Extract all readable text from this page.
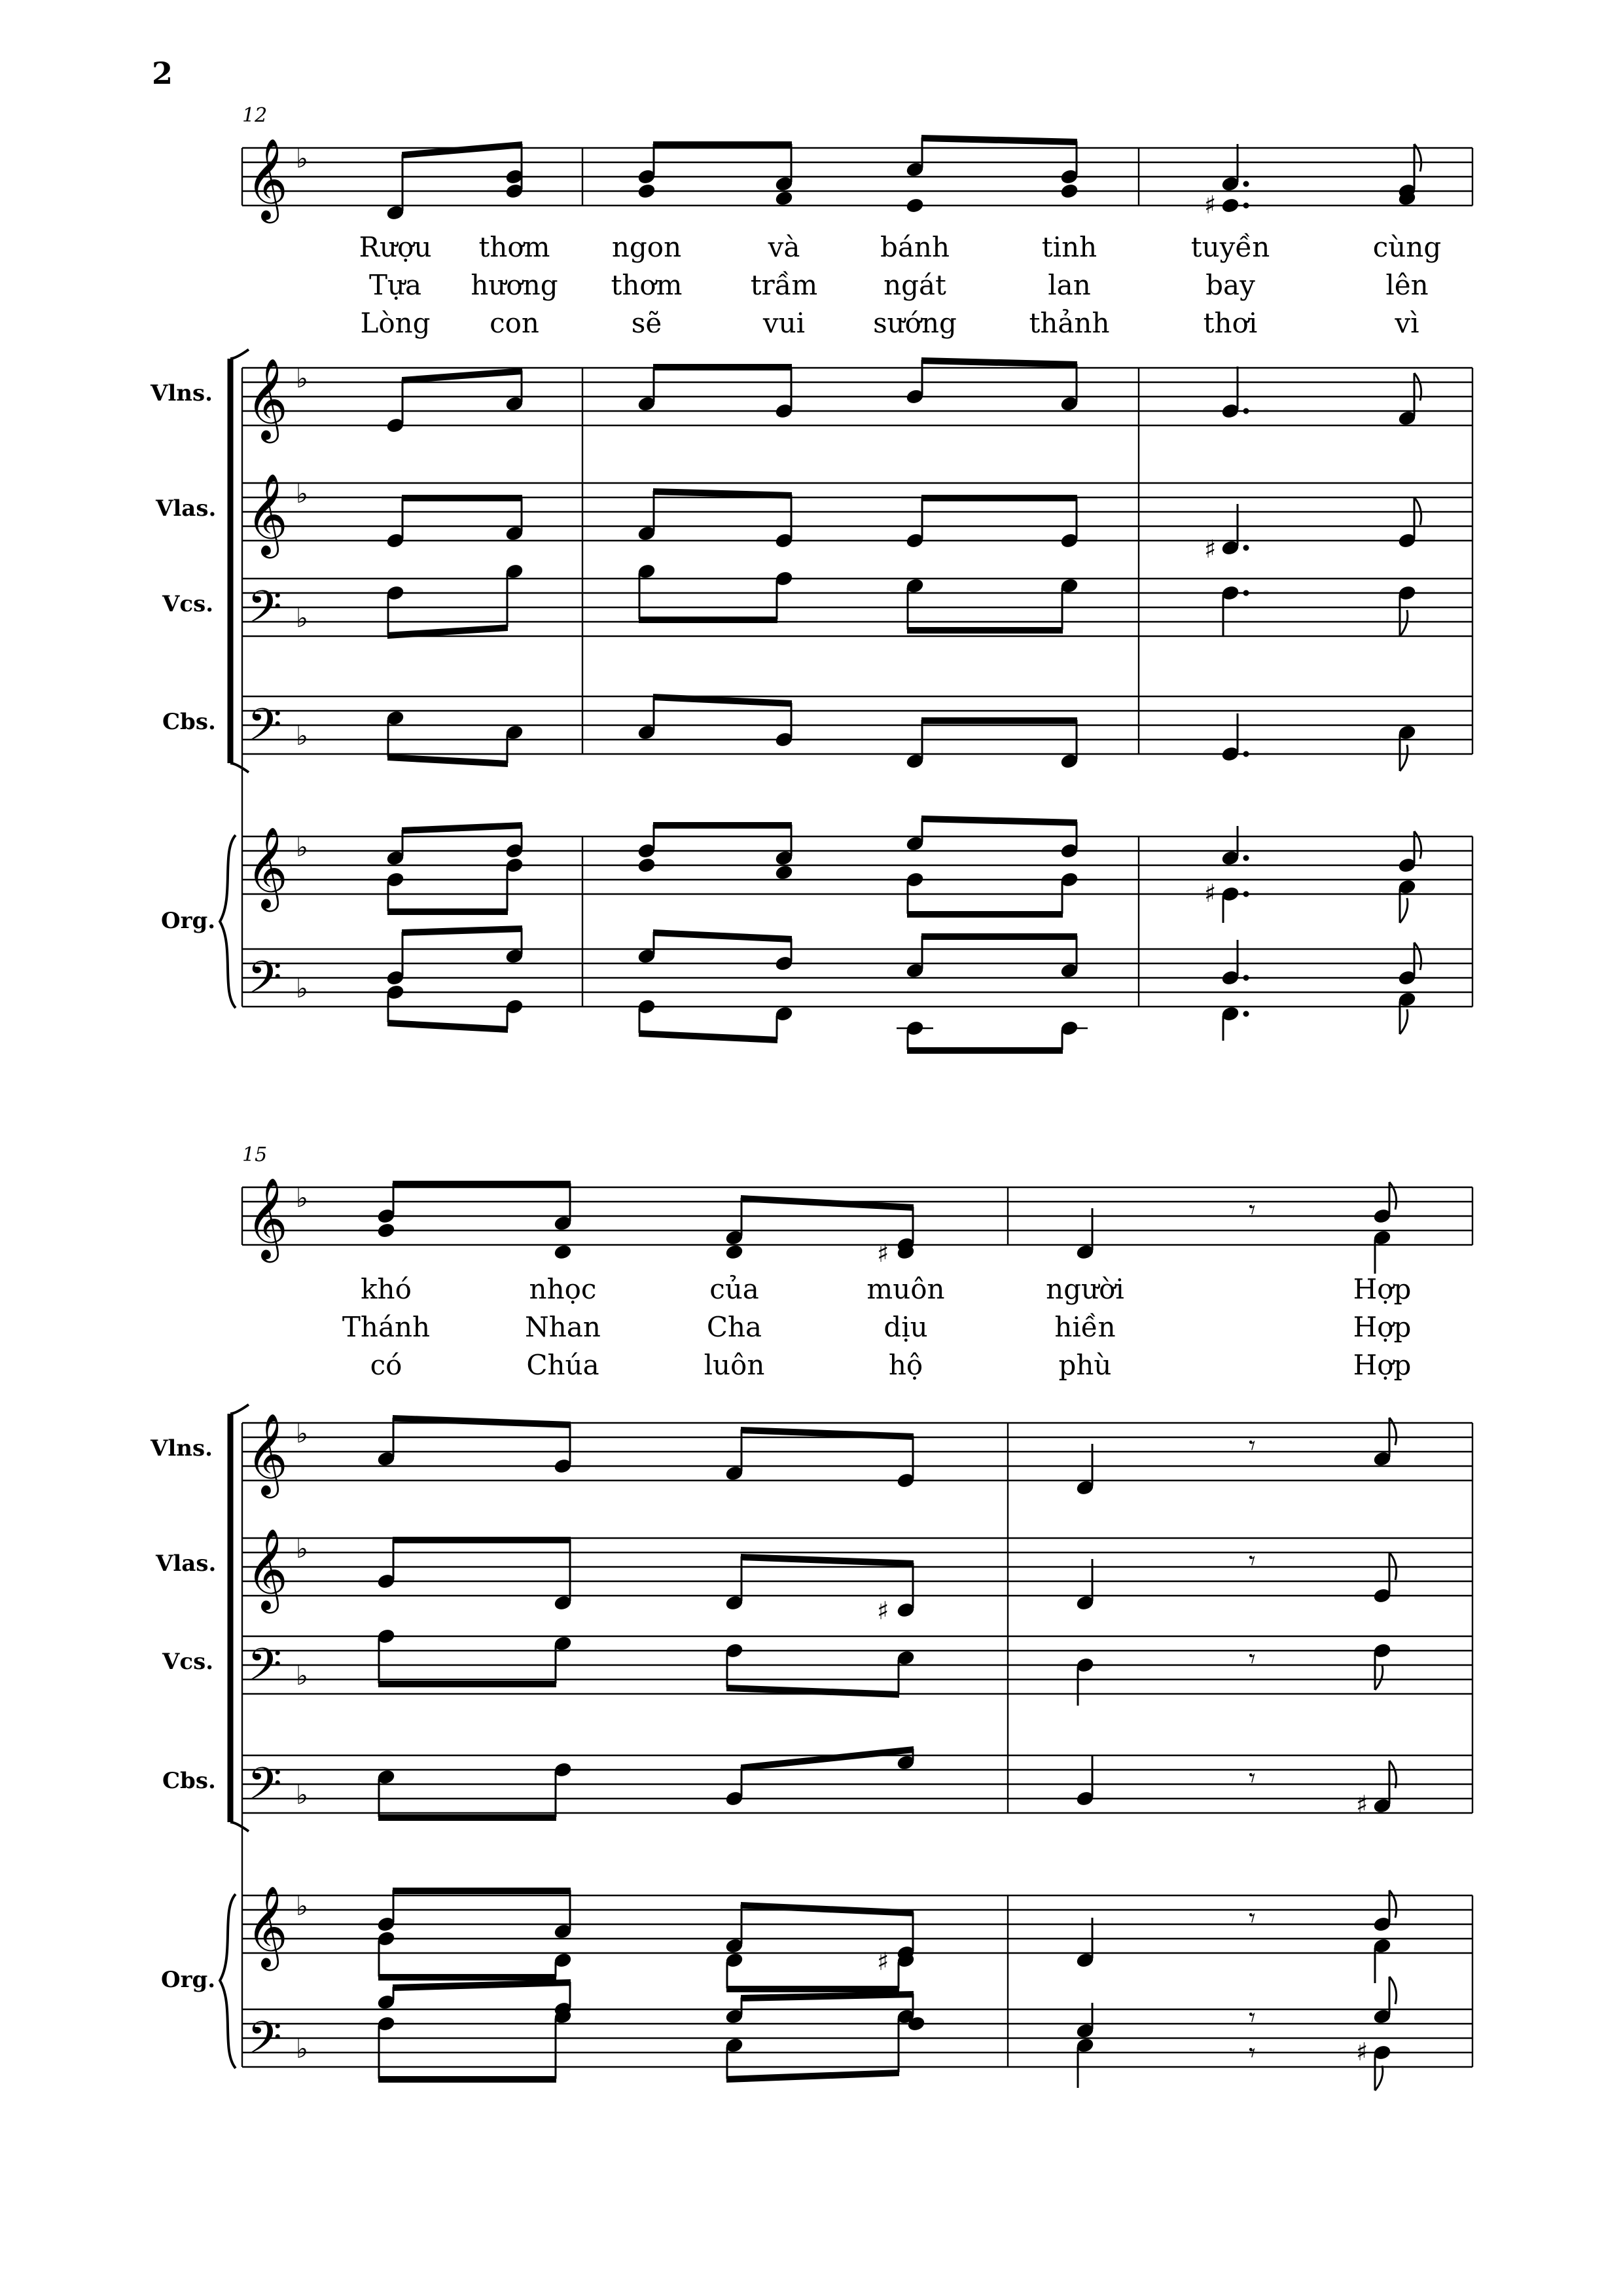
2
12
𝄞
𝄞
𝄞
𝄢
𝄢
𝄞
𝄢
♭
♭
♭
♭
♭
♭
♭
Vlns.
Vlas.
Vcs.
Cbs.
Org.
Rượu thơm ngon	và	bánh	tinh	tuyền	cùng
Tựa hương thơm trầm ngát	lan	bay	lên
Lòng con	sẽ	vui sướng	thảnh	thơi	vì
♯
♯
♯
15
𝄞
𝄞
𝄞
𝄢
𝄢
𝄞
𝄢
♭
♭
♭
♭
♭
♭
♭
Vlns.
Vlas.
Vcs.
Cbs.
Org.
khó	nhọc	của	muôn	người	Hợp
Thánh	Nhan	Cha	dịu	hiền	Hợp
có	Chúa	luôn	hộ	phù	Hợp
♯
𝄾
𝄾
♯
𝄾
𝄾
𝄾
♯
♯
𝄾
𝄾
𝄾	♯
